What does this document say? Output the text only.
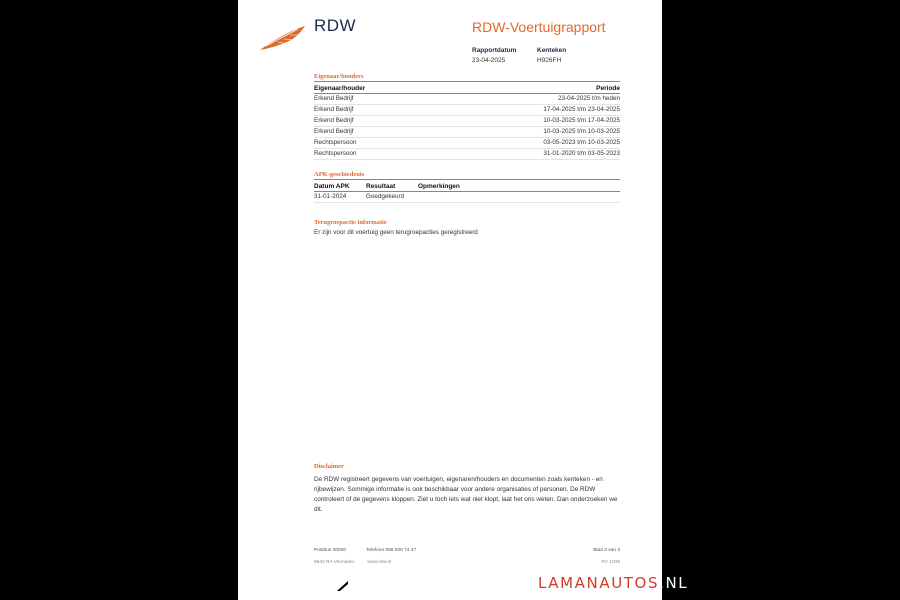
RDW	RDW-Voertuigrapport
Rapportdatum
23-04-2025
Kenteken
H926FH
Eigenaar/houders
Eigenaar/houder	Periode
Erkend Bedrijf	23-04-2025 t/m heden
Erkend Bedrijf	17-04-2025 t/m 23-04-2025
Erkend Bedrijf	10-03-2025 t/m 17-04-2025
Erkend Bedrijf	10-03-2025 t/m 10-03-2025
Rechtspersoon	03-05-2023 t/m 10-03-2025
Rechtspersoon	31-01-2020 t/m 03-05-2023
APK-geschiedenis
Datum APK	Resultaat	Opmerkingen
31-01-2024	Goedgekeurd
Terugroepactie informatie
Er zijn voor dit voertuig geen terugroepacties geregistreerd
Disclaimer
De RDW registreert gegevens van voertuigen, eigenaren/houders en documenten zoals kenteken - en rijbewijzen. Sommige informatie is ook beschikbaar voor andere organisaties of personen. De RDW controleert of de gegevens kloppen. Ziet u toch iets wat niet klopt, laat het ons weten. Dan onderzoeken we dit.
Postbus 30000	Telefoon 088 008 74 47	Blad 3 van 3
9640 RA Veendam	www.rdw.nl	RV 1035
LAMAN AUTO'S	WWW.LAMANAUTOS.NL
